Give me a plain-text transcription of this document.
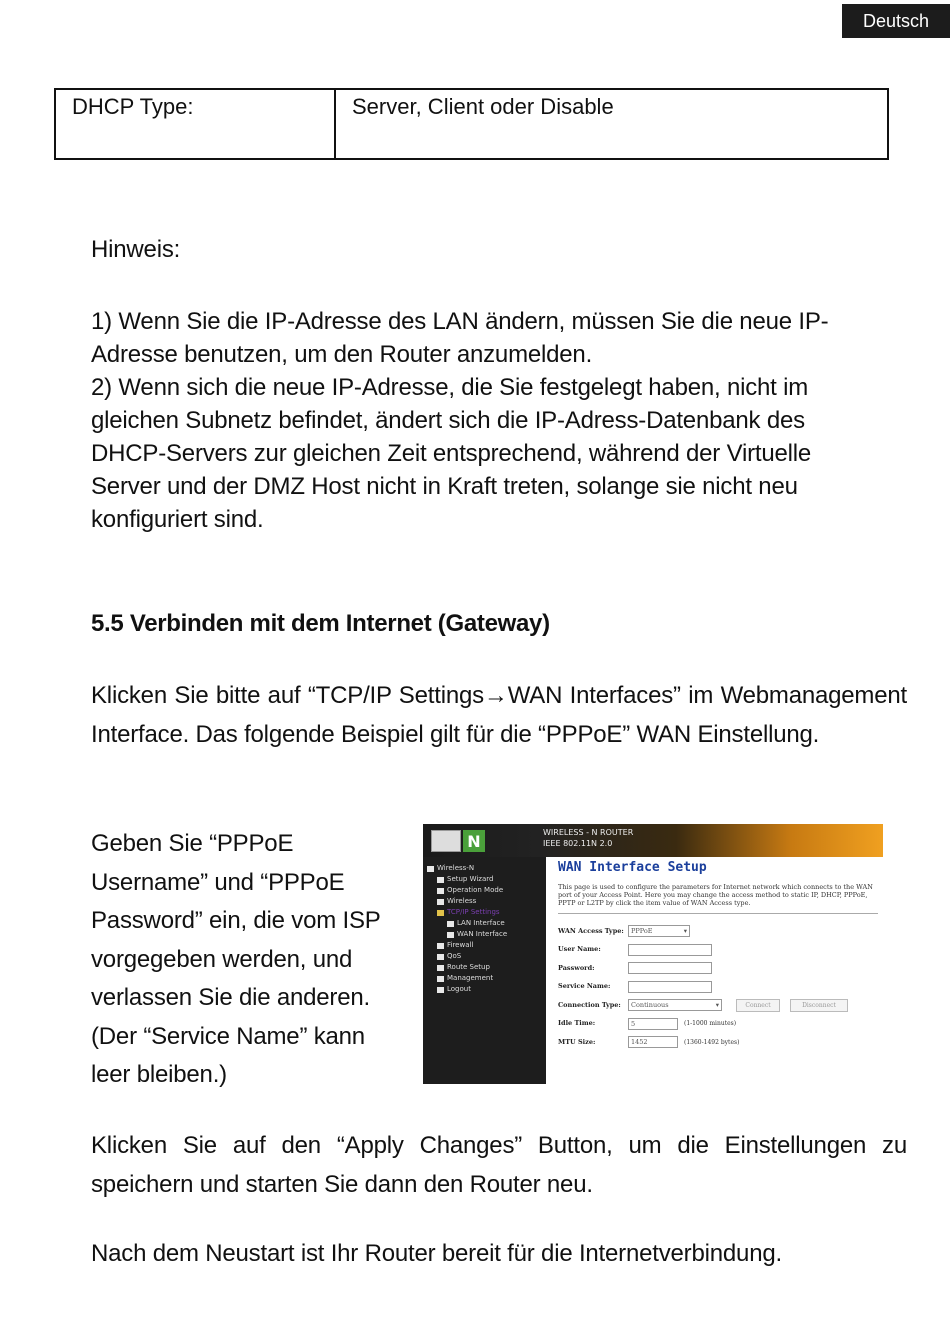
Deutsch
DHCP Type:	Server, Client oder Disable
Hinweis:
1) Wenn Sie die IP-Adresse des LAN ändern, müssen Sie die neue IP-Adresse benutzen, um den Router anzumelden.
2) Wenn sich die neue IP-Adresse, die Sie festgelegt haben, nicht im gleichen Subnetz befindet, ändert sich die IP-Adress-Datenbank des DHCP-Servers zur gleichen Zeit entsprechend, während der Virtuelle Server und der DMZ Host nicht in Kraft treten, solange sie nicht neu konfiguriert sind.
5.5 Verbinden mit dem Internet (Gateway)
Klicken Sie bitte auf “TCP/IP Settings→WAN Interfaces” im Webmanagement Interface. Das folgende Beispiel gilt für die “PPPoE” WAN Einstellung.
Geben Sie “PPPoE Username” und “PPPoE Password” ein, die vom ISP vorgegeben werden, und verlassen Sie die anderen. (Der “Service Name” kann leer bleiben.)
N	WIRELESS - N ROUTER
IEEE 802.11N 2.0
Wireless-N
Setup Wizard
Operation Mode
Wireless
TCP/IP Settings
LAN Interface
WAN Interface
Firewall
QoS
Route Setup
Management
Logout
WAN Interface Setup
This page is used to configure the parameters for Internet network which connects to the WAN port of your Access Point. Here you may change the access method to static IP, DHCP, PPPoE, PPTP or L2TP by click the item value of WAN Access type.
WAN Access Type:	PPPoE	▾
User Name:
Password:
Service Name:
Connection Type:	Continuous	▾	Connect	Disconnect
Idle Time:	5	(1-1000 minutes)
MTU Size:	1452	(1360-1492 bytes)
Klicken Sie auf den “Apply Changes” Button, um die Einstellungen zu speichern und starten Sie dann den Router neu.
Nach dem Neustart ist Ihr Router bereit für die Internetverbindung.
